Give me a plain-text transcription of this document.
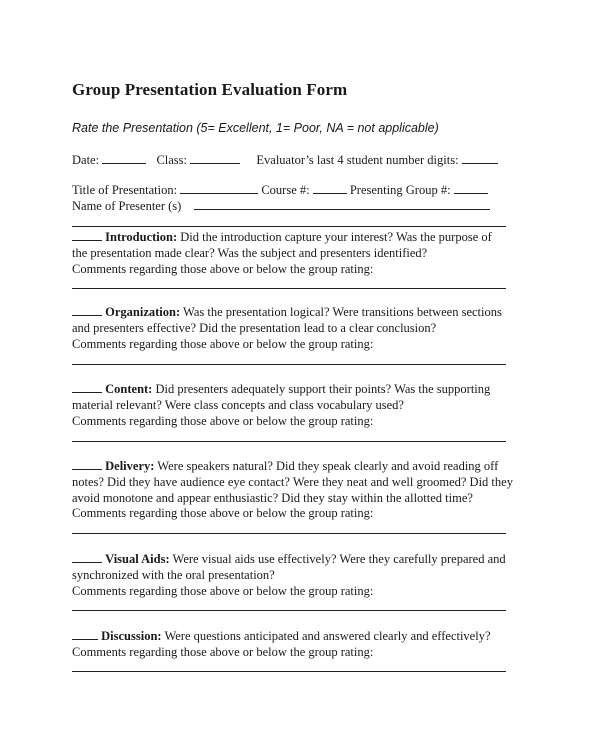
Group Presentation Evaluation Form
Rate the Presentation (5= Excellent, 1= Poor, NA = not applicable)
Date:	Class:	Evaluator’s last 4 student number digits:
Title of Presentation:	Course #:	Presenting Group #:
Name of Presenter (s)
Introduction: Did the introduction capture your interest? Was the purpose of
the presentation made clear? Was the subject and presenters identified?
Comments regarding those above or below the group rating:
Organization: Was the presentation logical? Were transitions between sections
and presenters effective? Did the presentation lead to a clear conclusion?
Comments regarding those above or below the group rating:
Content: Did presenters adequately support their points? Was the supporting
material relevant? Were class concepts and class vocabulary used?
Comments regarding those above or below the group rating:
Delivery: Were speakers natural? Did they speak clearly and avoid reading off
notes? Did they have audience eye contact? Were they neat and well groomed? Did they
avoid monotone and appear enthusiastic? Did they stay within the allotted time?
Comments regarding those above or below the group rating:
Visual Aids: Were visual aids use effectively? Were they carefully prepared and
synchronized with the oral presentation?
Comments regarding those above or below the group rating:
Discussion: Were questions anticipated and answered clearly and effectively?
Comments regarding those above or below the group rating:
